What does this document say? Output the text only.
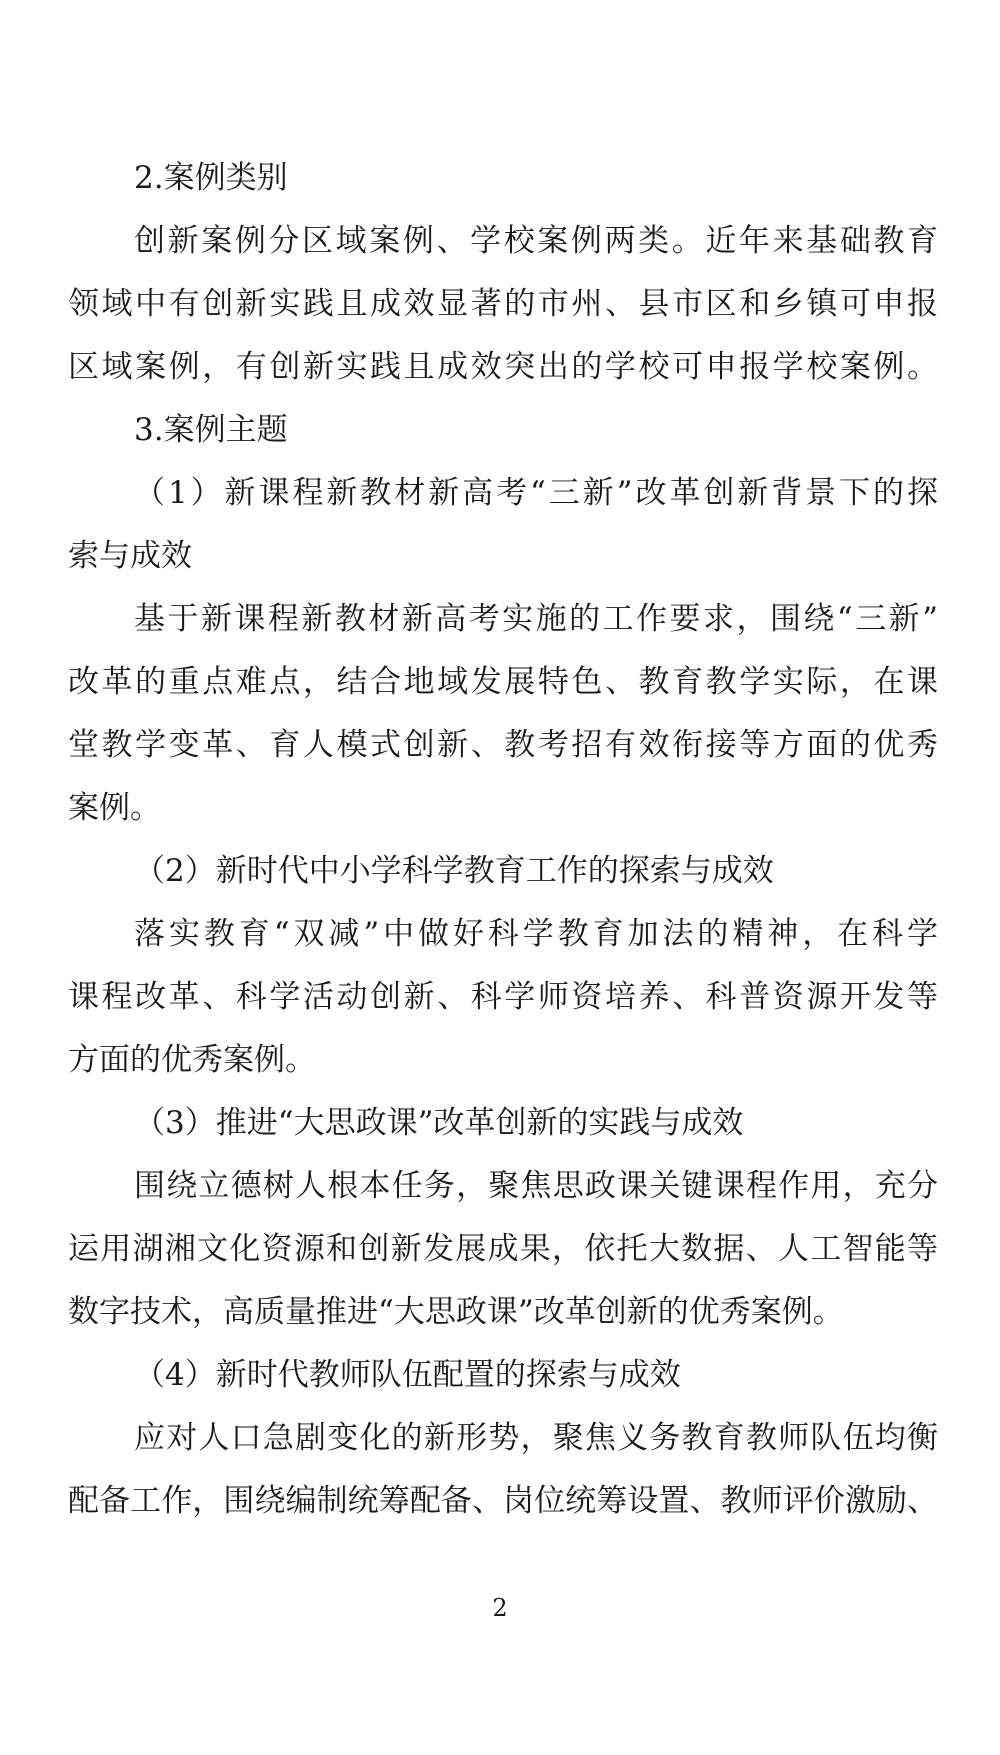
2.案例类别
创新案例分区域案例、学校案例两类。近年来基础教育
领域中有创新实践且成效显著的市州、县市区和乡镇可申报
区域案例，有创新实践且成效突出的学校可申报学校案例。
3.案例主题
（1）新课程新教材新高考“三新”改革创新背景下的探
索与成效
基于新课程新教材新高考实施的工作要求，围绕“三新”
改革的重点难点，结合地域发展特色、教育教学实际，在课
堂教学变革、育人模式创新、教考招有效衔接等方面的优秀
案例。
（2）新时代中小学科学教育工作的探索与成效
落实教育“双减”中做好科学教育加法的精神，在科学
课程改革、科学活动创新、科学师资培养、科普资源开发等
方面的优秀案例。
（3）推进“大思政课”改革创新的实践与成效
围绕立德树人根本任务，聚焦思政课关键课程作用，充分
运用湖湘文化资源和创新发展成果，依托大数据、人工智能等
数字技术，高质量推进“大思政课”改革创新的优秀案例。
（4）新时代教师队伍配置的探索与成效
应对人口急剧变化的新形势，聚焦义务教育教师队伍均衡
配备工作，围绕编制统筹配备、岗位统筹设置、教师评价激励、
2
